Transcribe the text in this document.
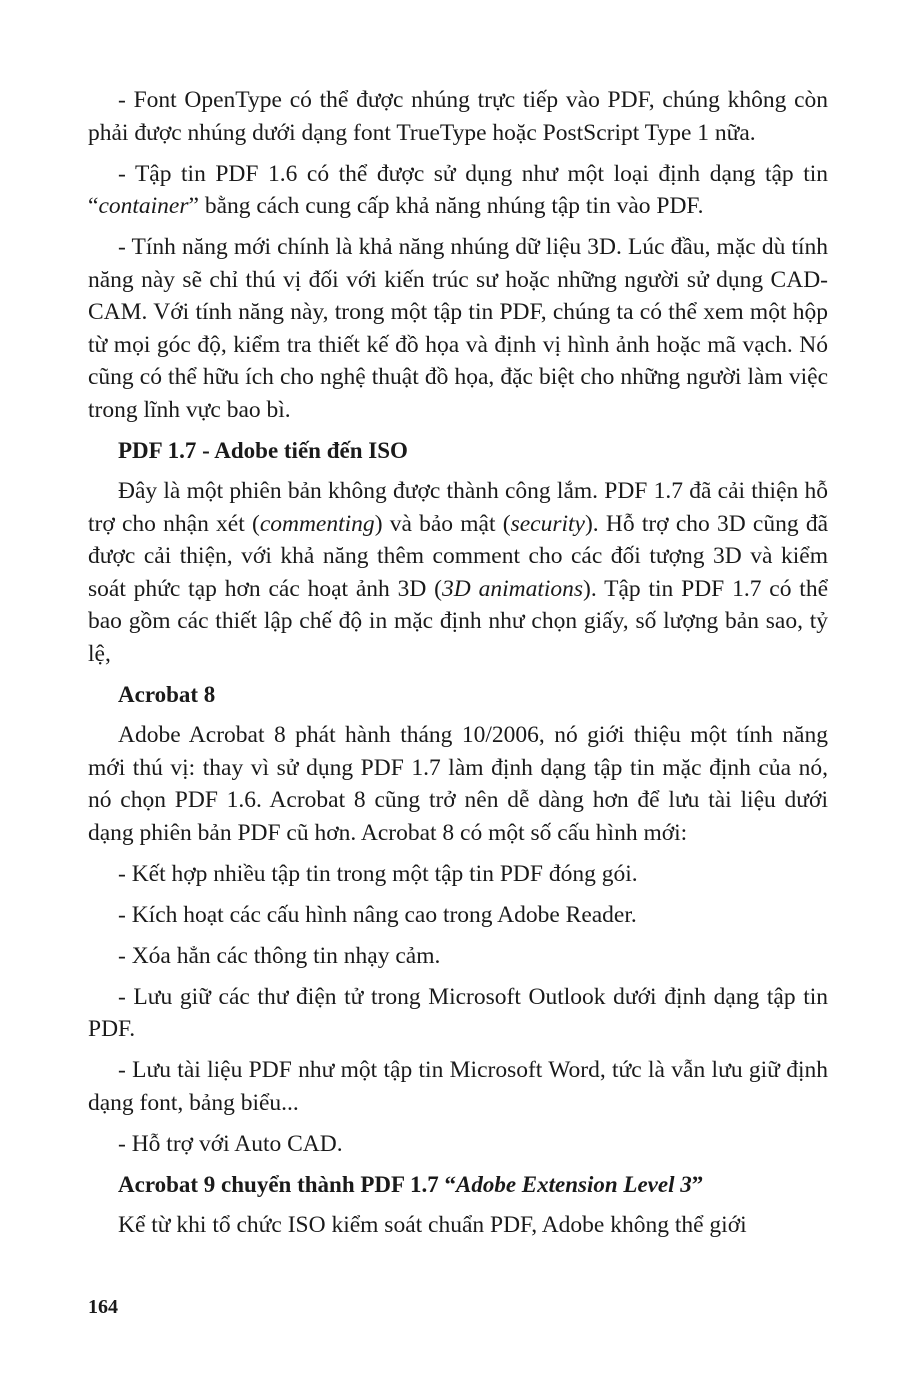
- Font OpenType có thể được nhúng trực tiếp vào PDF, chúng không còn phải được nhúng dưới dạng font TrueType hoặc PostScript Type 1 nữa.

- Tập tin PDF 1.6 có thể được sử dụng như một loại định dạng tập tin “container” bằng cách cung cấp khả năng nhúng tập tin vào PDF.

- Tính năng mới chính là khả năng nhúng dữ liệu 3D. Lúc đầu, mặc dù tính năng này sẽ chỉ thú vị đối với kiến trúc sư hoặc những người sử dụng CAD-CAM. Với tính năng này, trong một tập tin PDF, chúng ta có thể xem một hộp từ mọi góc độ, kiểm tra thiết kế đồ họa và định vị hình ảnh hoặc mã vạch. Nó cũng có thể hữu ích cho nghệ thuật đồ họa, đặc biệt cho những người làm việc trong lĩnh vực bao bì.

PDF 1.7 - Adobe tiến đến ISO

Đây là một phiên bản không được thành công lắm. PDF 1.7 đã cải thiện hỗ trợ cho nhận xét (commenting) và bảo mật (security). Hỗ trợ cho 3D cũng đã được cải thiện, với khả năng thêm comment cho các đối tượng 3D và kiểm soát phức tạp hơn các hoạt ảnh 3D (3D animations). Tập tin PDF 1.7 có thể bao gồm các thiết lập chế độ in mặc định như chọn giấy, số lượng bản sao, tỷ lệ,

Acrobat 8

Adobe Acrobat 8 phát hành tháng 10/2006, nó giới thiệu một tính năng mới thú vị: thay vì sử dụng PDF 1.7 làm định dạng tập tin mặc định của nó, nó chọn PDF 1.6. Acrobat 8 cũng trở nên dễ dàng hơn để lưu tài liệu dưới dạng phiên bản PDF cũ hơn. Acrobat 8 có một số cấu hình mới:

- Kết hợp nhiều tập tin trong một tập tin PDF đóng gói.

- Kích hoạt các cấu hình nâng cao trong Adobe Reader.

- Xóa hẳn các thông tin nhạy cảm.

- Lưu giữ các thư điện tử trong Microsoft Outlook dưới định dạng tập tin PDF.

- Lưu tài liệu PDF như một tập tin Microsoft Word, tức là vẫn lưu giữ định dạng font, bảng biểu...

- Hỗ trợ với Auto CAD.

Acrobat 9 chuyển thành PDF 1.7 “Adobe Extension Level 3”

Kể từ khi tổ chức ISO kiểm soát chuẩn PDF, Adobe không thể giới

164
